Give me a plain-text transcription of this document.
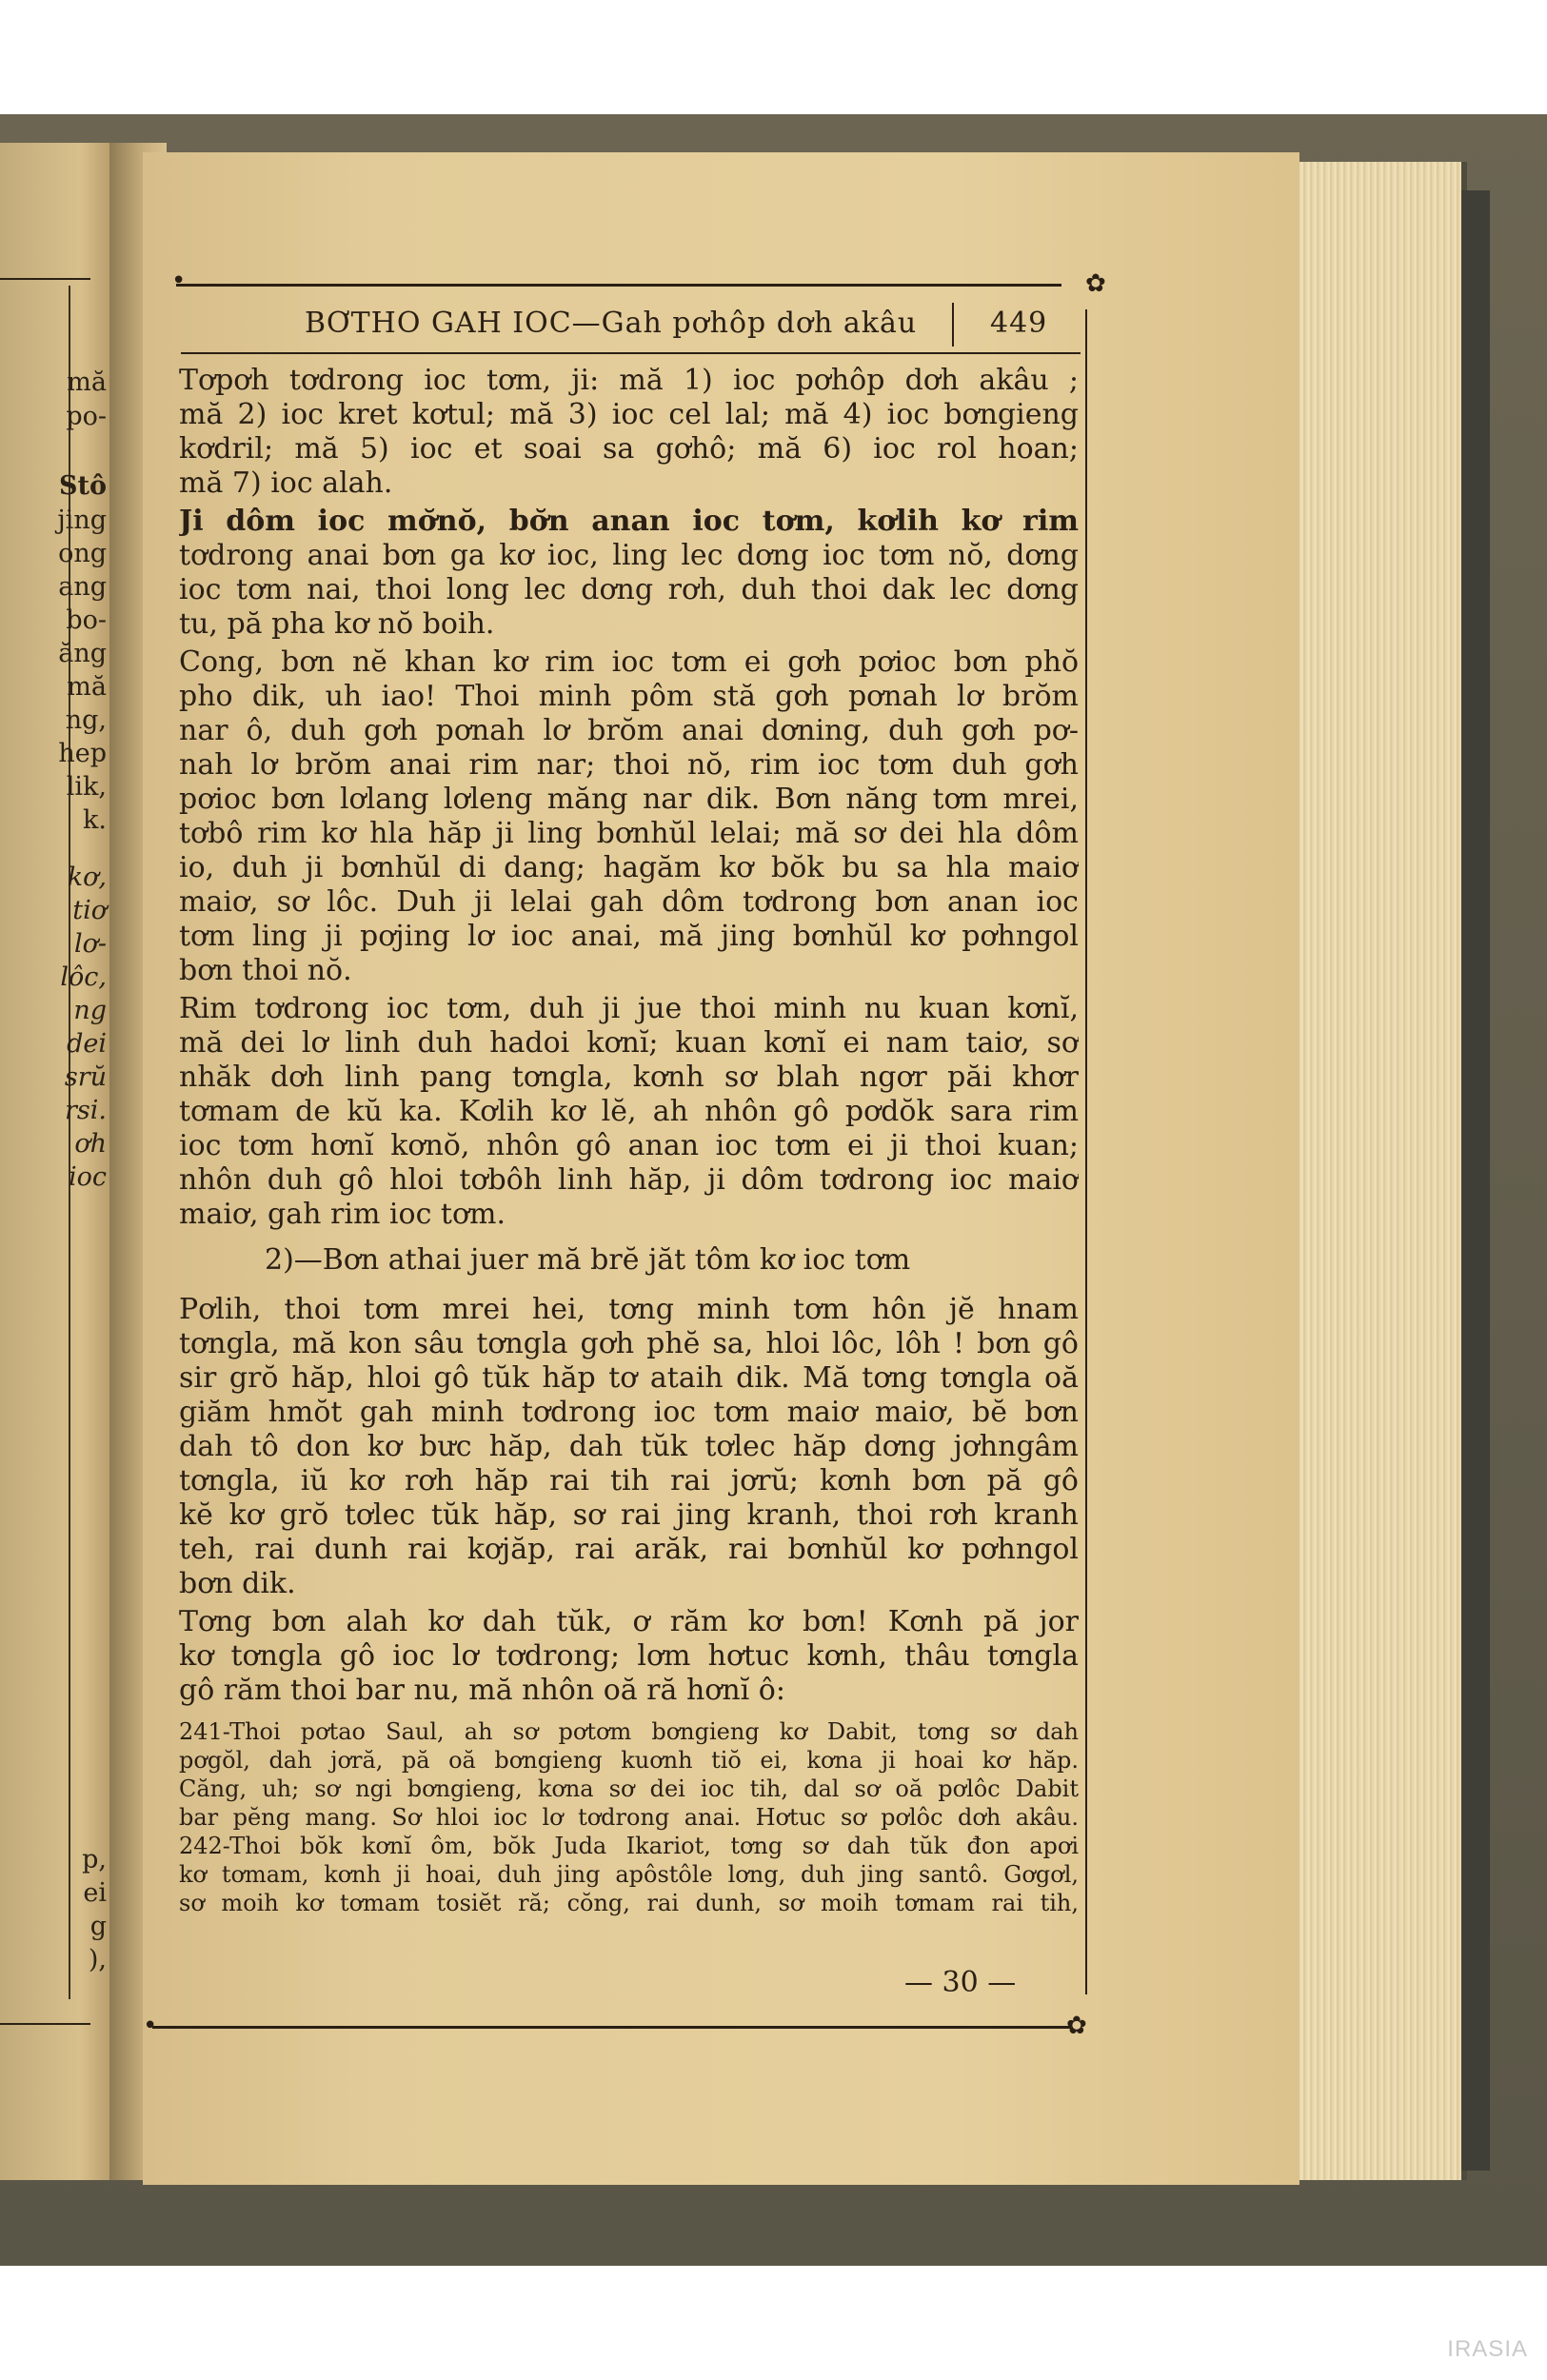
mă
po-
Stô
jing
ong
ang
bo-
ăng
mă
ng,
hep
lik,
k.
kơ,
tiơ
lơ-
lôc,
ng
dei
srŭ
rsi.
ơh
ioc
p,
ei
g
),
✿
•
BƠTHO GAH IOC—Gah pơhôp dơh akâu	449
Tơpơh tơdrong ioc tơm, ji: mă 1) ioc pơhôp dơh akâu ;
mă 2) ioc kret kơtul; mă 3) ioc cel lal; mă 4) ioc bơngieng
kơdril; mă 5) ioc et soai sa gơhô; mă 6) ioc rol hoan;
mă 7) ioc alah.
Ji dôm ioc mơ̆nŏ, bơ̆n anan ioc tơm, kơlih kơ rim
tơdrong anai bơn ga kơ ioc, ling lec dơng ioc tơm nŏ, dơng
ioc tơm nai, thoi long lec dơng rơh, duh thoi dak lec dơng
tu, pă pha kơ nŏ boih.
Cong, bơn nĕ khan kơ rim ioc tơm ei gơh pơioc bơn phŏ
pho dik, uh iao! Thoi minh pôm stă gơh pơnah lơ brŏm
nar ô, duh gơh pơnah lơ brŏm anai dơning, duh gơh pơ-
nah lơ brŏm anai rim nar; thoi nŏ, rim ioc tơm duh gơh
pơioc bơn lơlang lơleng măng nar dik. Bơn năng tơm mrei,
tơbô rim kơ hla hăp ji ling bơnhŭl lelai; mă sơ dei hla dôm
io, duh ji bơnhŭl di dang; hagăm kơ bŏk bu sa hla maiơ
maiơ, sơ lôc. Duh ji lelai gah dôm tơdrong bơn anan ioc
tơm ling ji pơjing lơ ioc anai, mă jing bơnhŭl kơ pơhngol
bơn thoi nŏ.
Rim tơdrong ioc tơm, duh ji jue thoi minh nu kuan kơnĭ,
mă dei lơ linh duh hadoi kơnĭ; kuan kơnĭ ei nam taiơ, sơ
nhăk dơh linh pang tơngla, kơnh sơ blah ngơr păi khơr
tơmam de kŭ ka. Kơlih kơ lĕ, ah nhôn gô pơdŏk sara rim
ioc tơm hơnĭ kơnŏ, nhôn gô anan ioc tơm ei ji thoi kuan;
nhôn duh gô hloi tơbôh linh hăp, ji dôm tơdrong ioc maiơ
maiơ, gah rim ioc tơm.
2)—Bơn athai juer mă brĕ jăt tôm kơ ioc tơm
Pơlih, thoi tơm mrei hei, tơng minh tơm hôn jĕ hnam
tơngla, mă kon sâu tơngla gơh phĕ sa, hloi lôc, lôh ! bơn gô
sir grŏ hăp, hloi gô tŭk hăp tơ ataih dik. Mă tơng tơngla oă
giăm hmŏt gah minh tơdrong ioc tơm maiơ maiơ, bĕ bơn
dah tô don kơ bưc hăp, dah tŭk tơlec hăp dơng jơhngâm
tơngla, iŭ kơ rơh hăp rai tih rai jơrŭ; kơnh bơn pă gô
kĕ kơ grŏ tơlec tŭk hăp, sơ rai jing kranh, thoi rơh kranh
teh, rai dunh rai kơjăp, rai arăk, rai bơnhŭl kơ pơhngol
bơn dik.
Tơng bơn alah kơ dah tŭk, ơ răm kơ bơn! Kơnh pă jor
kơ tơngla gô ioc lơ tơdrong; lơm hơtuc kơnh, thâu tơngla
gô răm thoi bar nu, mă nhôn oă ră hơnĭ ô:
241-Thoi pơtao Saul, ah sơ pơtơm bơngieng kơ Dabit, tơng sơ dah
pơgŏl, dah jơră, pă oă bơngieng kuơnh tiŏ ei, kơna ji hoai kơ hăp.
Căng, uh; sơ ngi bơngieng, kơna sơ dei ioc tih, dal sơ oă pơlôc Dabit
bar pĕng mang. Sơ hloi ioc lơ tơdrong anai. Hơtuc sơ pơlôc dơh akâu.
242-Thoi bŏk kơnĭ ôm, bŏk Juda Ikariot, tơng sơ dah tŭk đon apơi
kơ tơmam, kơnh ji hoai, duh jing apôstôle lơng, duh jing santô. Gơgơl,
sơ moih kơ tơmam tosiĕt ră; cŏng, rai dunh, sơ moih tơmam rai tih,
— 30 —
✿
•
IRASIA
